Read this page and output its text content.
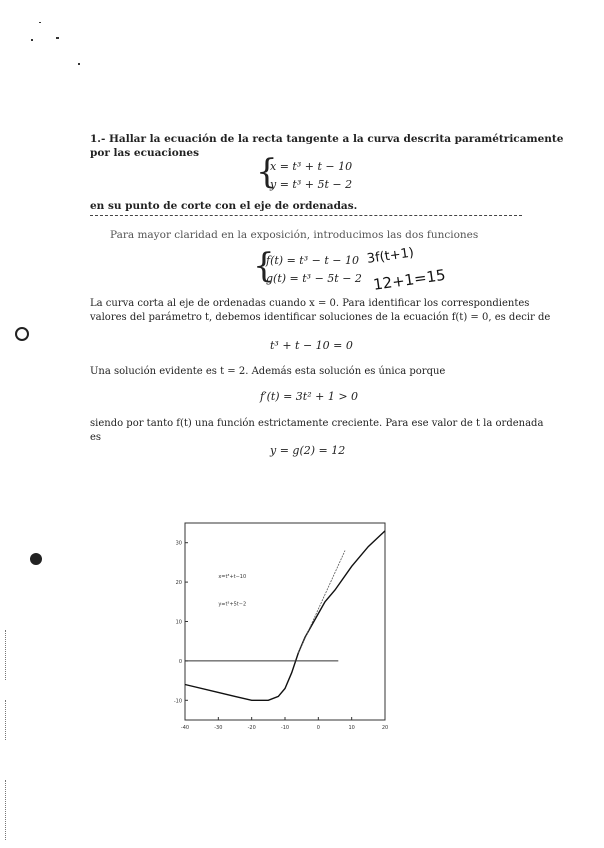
1.- Hallar la ecuación de la recta tangente a la curva descrita paramétricamente
por las ecuaciones {
x = t³ + t − 10
y = t³ + 5t − 2
en su punto de corte con el eje de ordenadas.
Para mayor claridad en la exposición, introducimos las dos funciones
{
f(t) = t³ − t − 10
g(t) = t³ − 5t − 2
3f(t+1)
12+1=15
La curva corta al eje de ordenadas cuando x = 0. Para identificar los correspondientes
valores del parámetro t, debemos identificar soluciones de la ecuación f(t) = 0, es decir de
t³ + t − 10 = 0
Una solución evidente es t = 2. Además esta solución es única porque
f′(t) = 3t² + 1 > 0
siendo por tanto f(t) una función estrictamente creciente. Para ese valor de t la ordenada
es
y = g(2) = 12
-40	-30	-20	-10	0	10	20
-10
0
10
20
30
x=t³+t−10
y=t³+5t−2
